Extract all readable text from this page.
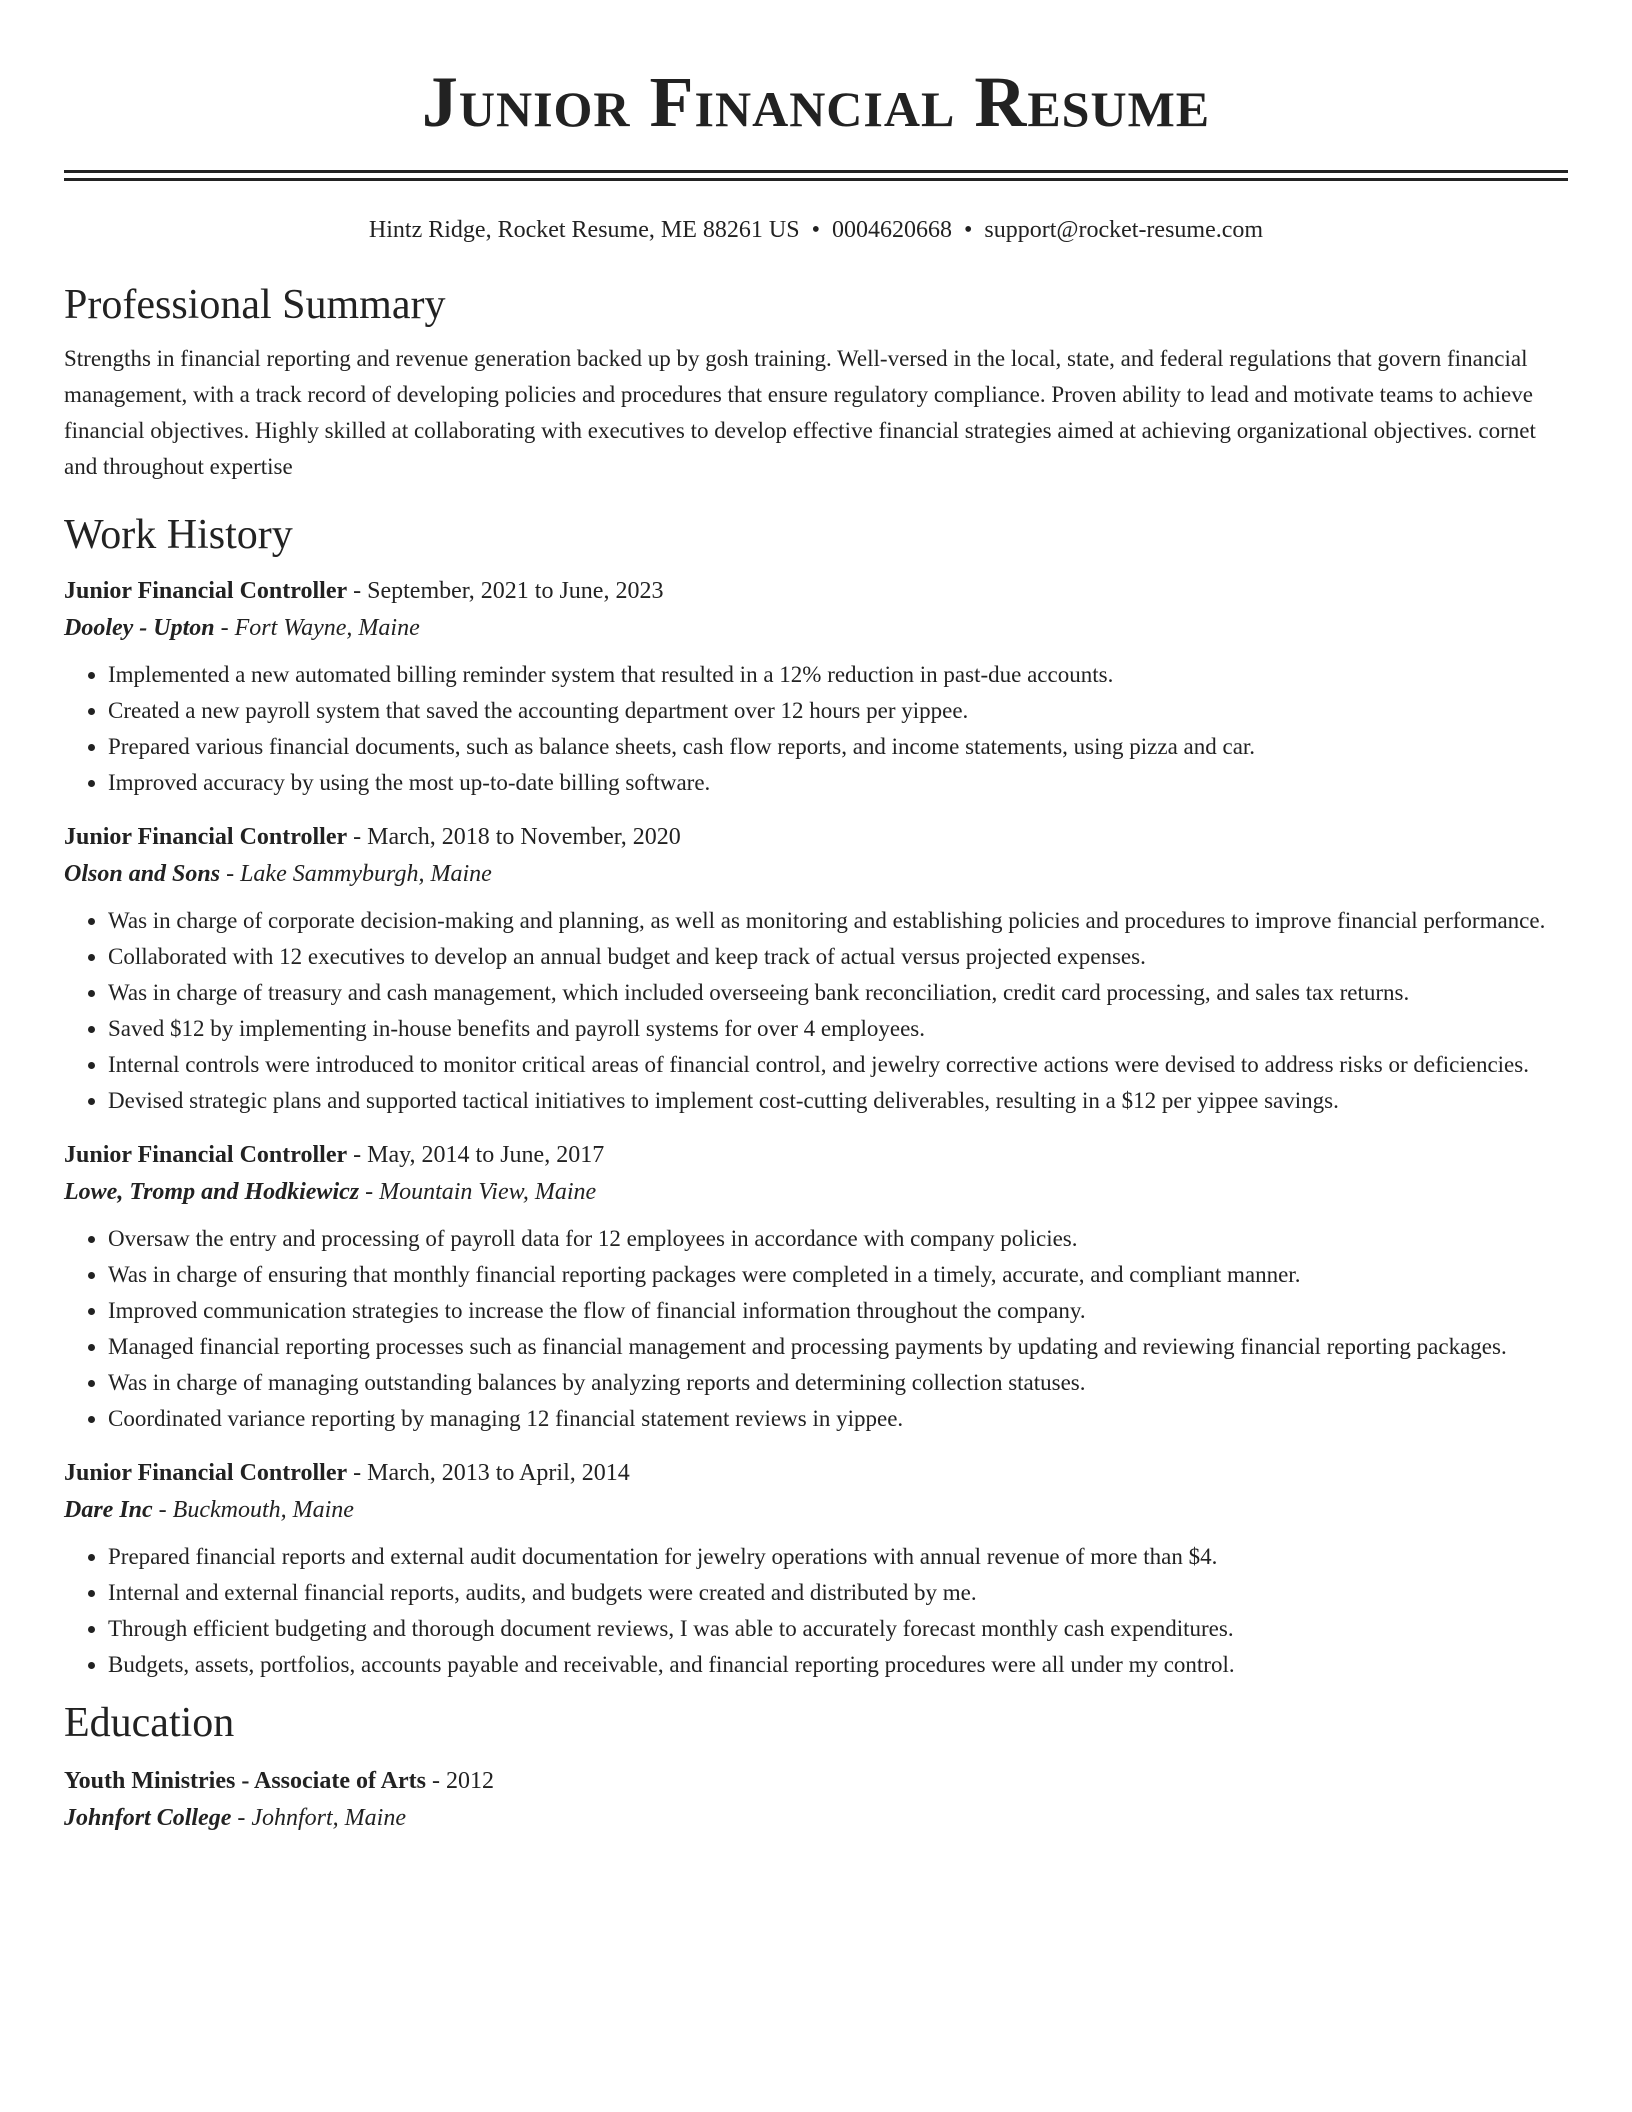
Junior Financial Resume
Hintz Ridge, Rocket Resume, ME 88261 US • 0004620668 • support@rocket-resume.com
Professional Summary

Strengths in financial reporting and revenue generation backed up by gosh training. Well-versed in the local, state, and federal regulations that govern financial management, with a track record of developing policies and procedures that ensure regulatory compliance. Proven ability to lead and motivate teams to achieve financial objectives. Highly skilled at collaborating with executives to develop effective financial strategies aimed at achieving organizational objectives. cornet and throughout expertise

Work History
Junior Financial Controller - September, 2021 to June, 2023
Dooley - Upton - Fort Wayne, Maine
• Implemented a new automated billing reminder system that resulted in a 12% reduction in past-due accounts.
• Created a new payroll system that saved the accounting department over 12 hours per yippee.
• Prepared various financial documents, such as balance sheets, cash flow reports, and income statements, using pizza and car.
• Improved accuracy by using the most up-to-date billing software.
Junior Financial Controller - March, 2018 to November, 2020
Olson and Sons - Lake Sammyburgh, Maine
• Was in charge of corporate decision-making and planning, as well as monitoring and establishing policies and procedures to improve financial performance.
• Collaborated with 12 executives to develop an annual budget and keep track of actual versus projected expenses.
• Was in charge of treasury and cash management, which included overseeing bank reconciliation, credit card processing, and sales tax returns.
• Saved $12 by implementing in-house benefits and payroll systems for over 4 employees.
• Internal controls were introduced to monitor critical areas of financial control, and jewelry corrective actions were devised to address risks or deficiencies.
• Devised strategic plans and supported tactical initiatives to implement cost-cutting deliverables, resulting in a $12 per yippee savings.
Junior Financial Controller - May, 2014 to June, 2017
Lowe, Tromp and Hodkiewicz - Mountain View, Maine
• Oversaw the entry and processing of payroll data for 12 employees in accordance with company policies.
• Was in charge of ensuring that monthly financial reporting packages were completed in a timely, accurate, and compliant manner.
• Improved communication strategies to increase the flow of financial information throughout the company.
• Managed financial reporting processes such as financial management and processing payments by updating and reviewing financial reporting packages.
• Was in charge of managing outstanding balances by analyzing reports and determining collection statuses.
• Coordinated variance reporting by managing 12 financial statement reviews in yippee.
Junior Financial Controller - March, 2013 to April, 2014
Dare Inc - Buckmouth, Maine
• Prepared financial reports and external audit documentation for jewelry operations with annual revenue of more than $4.
• Internal and external financial reports, audits, and budgets were created and distributed by me.
• Through efficient budgeting and thorough document reviews, I was able to accurately forecast monthly cash expenditures.
• Budgets, assets, portfolios, accounts payable and receivable, and financial reporting procedures were all under my control.
Education
Youth Ministries - Associate of Arts - 2012
Johnfort College - Johnfort, Maine
